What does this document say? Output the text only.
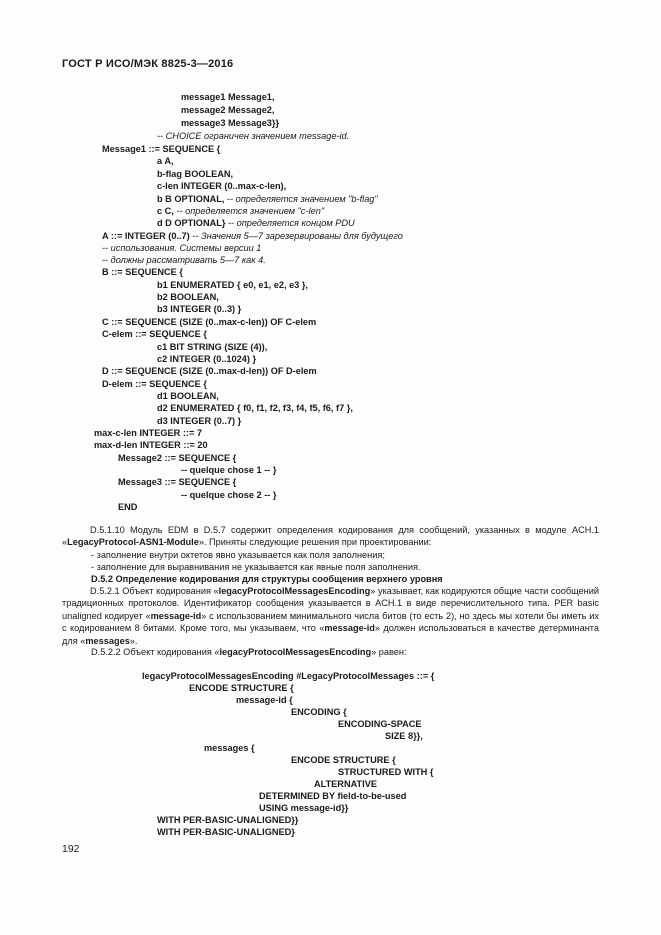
ГОСТ Р ИСО/МЭК 8825-3—2016
message1 Message1,
message2 Message2,
message3 Message3}}
-- CHOICE ограничен значением message-id.
Message1 ::= SEQUENCE {
a A,
b-flag BOOLEAN,
c-len INTEGER (0..max-c-len),
b B OPTIONAL, -- определяется значением "b-flag"
c C, -- определяется значением "c-len"
d D OPTIONAL} -- определяется концом PDU
A ::= INTEGER (0..7) -- Значения 5—7 зарезервированы для будущего
-- использования. Системы версии 1
-- должны рассматривать 5—7 как 4.
B ::= SEQUENCE {
b1 ENUMERATED { e0, e1, e2, e3 },
b2 BOOLEAN,
b3 INTEGER (0..3) }
C ::= SEQUENCE (SIZE (0..max-c-len)) OF C-elem
C-elem ::= SEQUENCE {
c1 BIT STRING (SIZE (4)),
c2 INTEGER (0..1024) }
D ::= SEQUENCE (SIZE (0..max-d-len)) OF D-elem
D-elem ::= SEQUENCE {
d1 BOOLEAN,
d2 ENUMERATED { f0, f1, f2, f3, f4, f5, f6, f7 },
d3 INTEGER (0..7) }
max-c-len INTEGER ::= 7
max-d-len INTEGER ::= 20
Message2 ::= SEQUENCE {
-- quelque chose 1 -- }
Message3 ::= SEQUENCE {
-- quelque chose 2 -- }
END
D.5.1.10 Модуль EDM в D.5.7 содержит определения кодирования для сообщений, указанных в модуле ACH.1 «LegacyProtocol-ASN1-Module». Приняты следующие решения при проектировании:
‑ заполнение внутри октетов явно указывается как поля заполнения;
‑ заполнение для выравнивания не указывается как явные поля заполнения.
D.5.2 Определение кодирования для структуры сообщения верхнего уровня
D.5.2.1 Объект кодирования «legacyProtocolMessagesEncoding» указывает, как кодируются общие части сообщений традиционных протоколов. Идентификатор сообщения указывается в ACH.1 в виде перечислительного типа. PER basic unaligned кодирует «message-id» с использованием минимального числа битов (то есть 2), но здесь мы хотели бы иметь их с кодированием 8 битами. Кроме того, мы указываем, что «message-id» должен использоваться в качестве детерминанта для «messages».
D.5.2.2 Объект кодирования «legacyProtocolMessagesEncoding» равен:
legacyProtocolMessagesEncoding #LegacyProtocolMessages ::= {
ENCODE STRUCTURE {
message-id {
ENCODING {
ENCODING-SPACE
SIZE 8}},
messages {
ENCODE STRUCTURE {
STRUCTURED WITH {
ALTERNATIVE
DETERMINED BY field-to-be-used
USING message-id}}
WITH PER-BASIC-UNALIGNED}}
WITH PER-BASIC-UNALIGNED}
192
